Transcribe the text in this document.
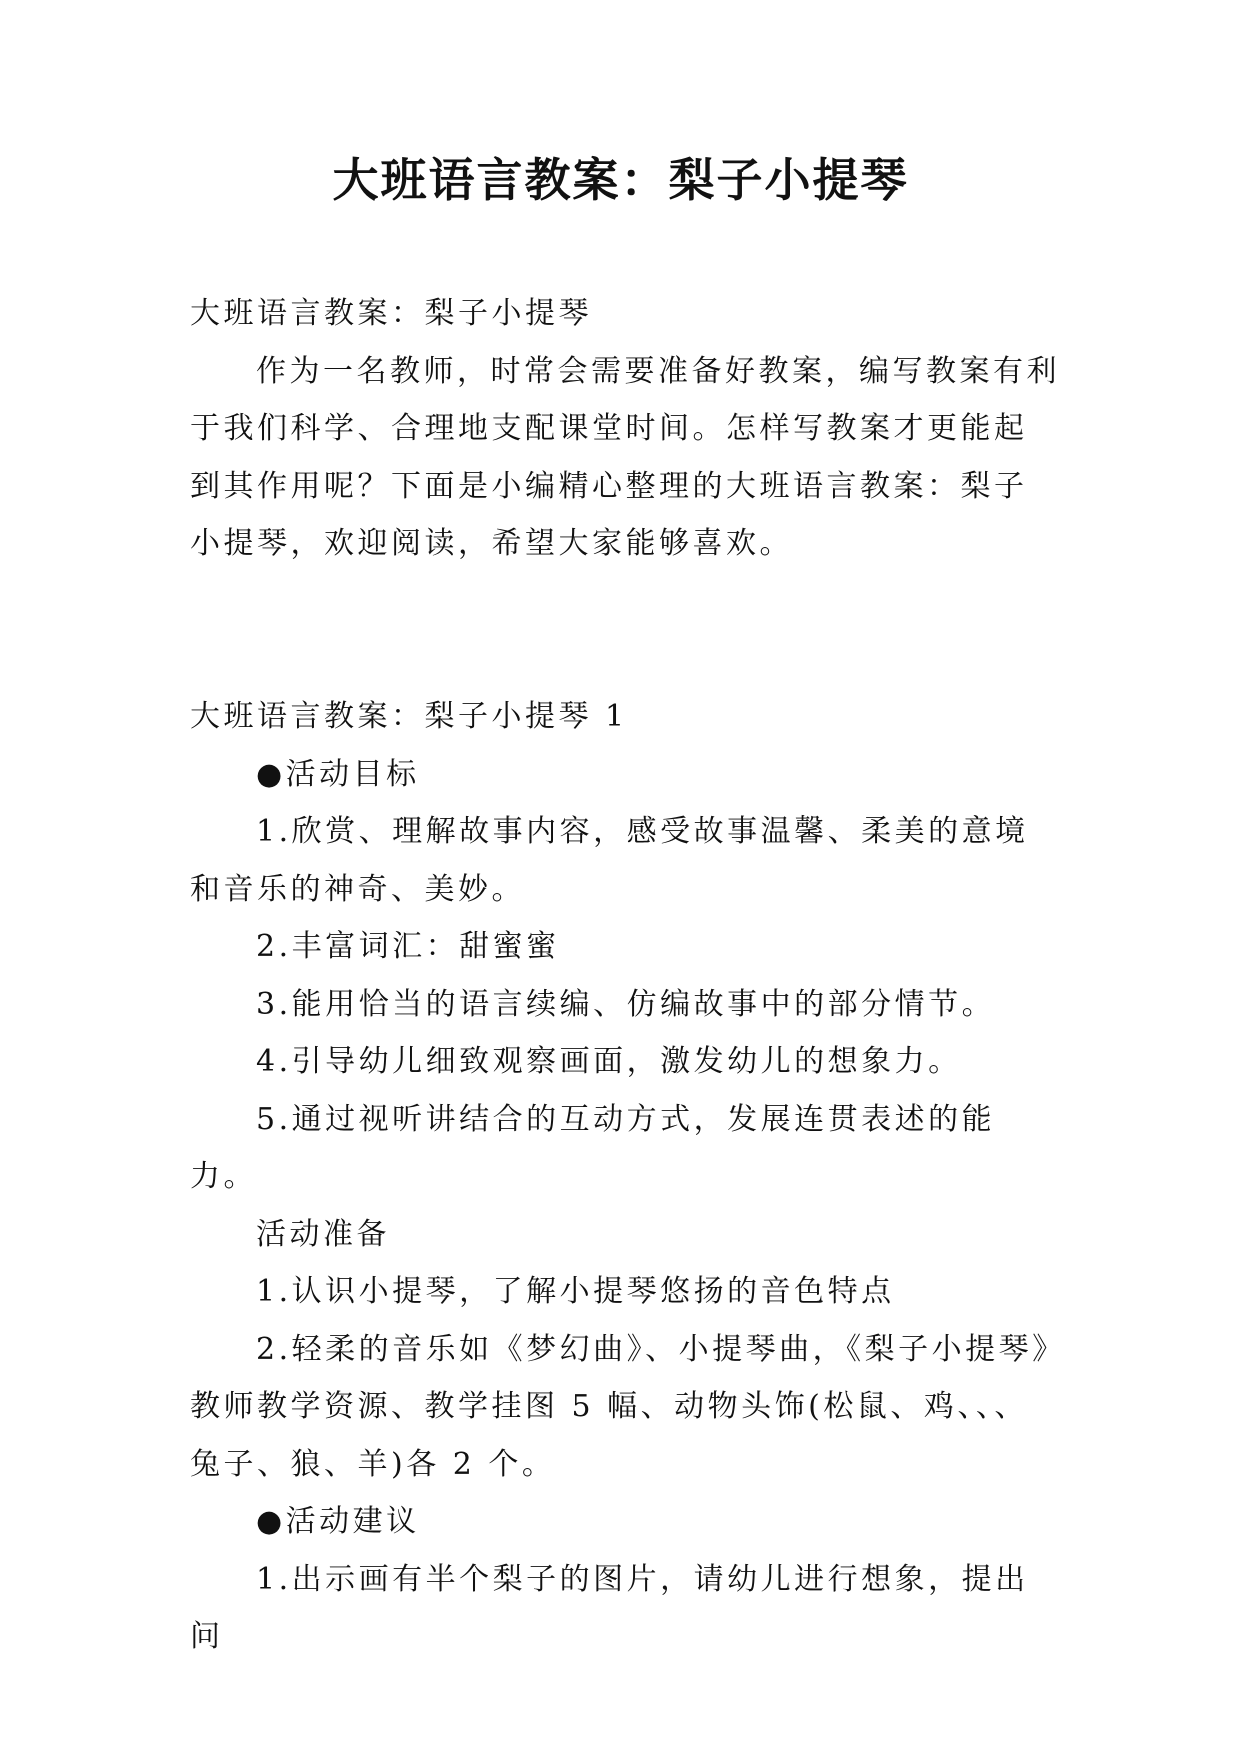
大班语言教案：梨子小提琴

大班语言教案：梨子小提琴

作为一名教师，时常会需要准备好教案，编写教案有利于我们科学、合理地支配课堂时间。怎样写教案才更能起到其作用呢？下面是小编精心整理的大班语言教案：梨子小提琴，欢迎阅读，希望大家能够喜欢。

大班语言教案：梨子小提琴 1

●活动目标

1.欣赏、理解故事内容，感受故事温馨、柔美的意境和音乐的神奇、美妙。

2.丰富词汇：甜蜜蜜

3.能用恰当的语言续编、仿编故事中的部分情节。

4.引导幼儿细致观察画面，激发幼儿的想象力。

5.通过视听讲结合的互动方式，发展连贯表述的能力。

活动准备

1.认识小提琴，了解小提琴悠扬的音色特点

2.轻柔的音乐如《梦幻曲》、小提琴曲，《梨子小提琴》教师教学资源、教学挂图 5 幅、动物头饰(松鼠、鸡、、、兔子、狼、羊)各 2 个。

●活动建议

1.出示画有半个梨子的图片，请幼儿进行想象，提出问
